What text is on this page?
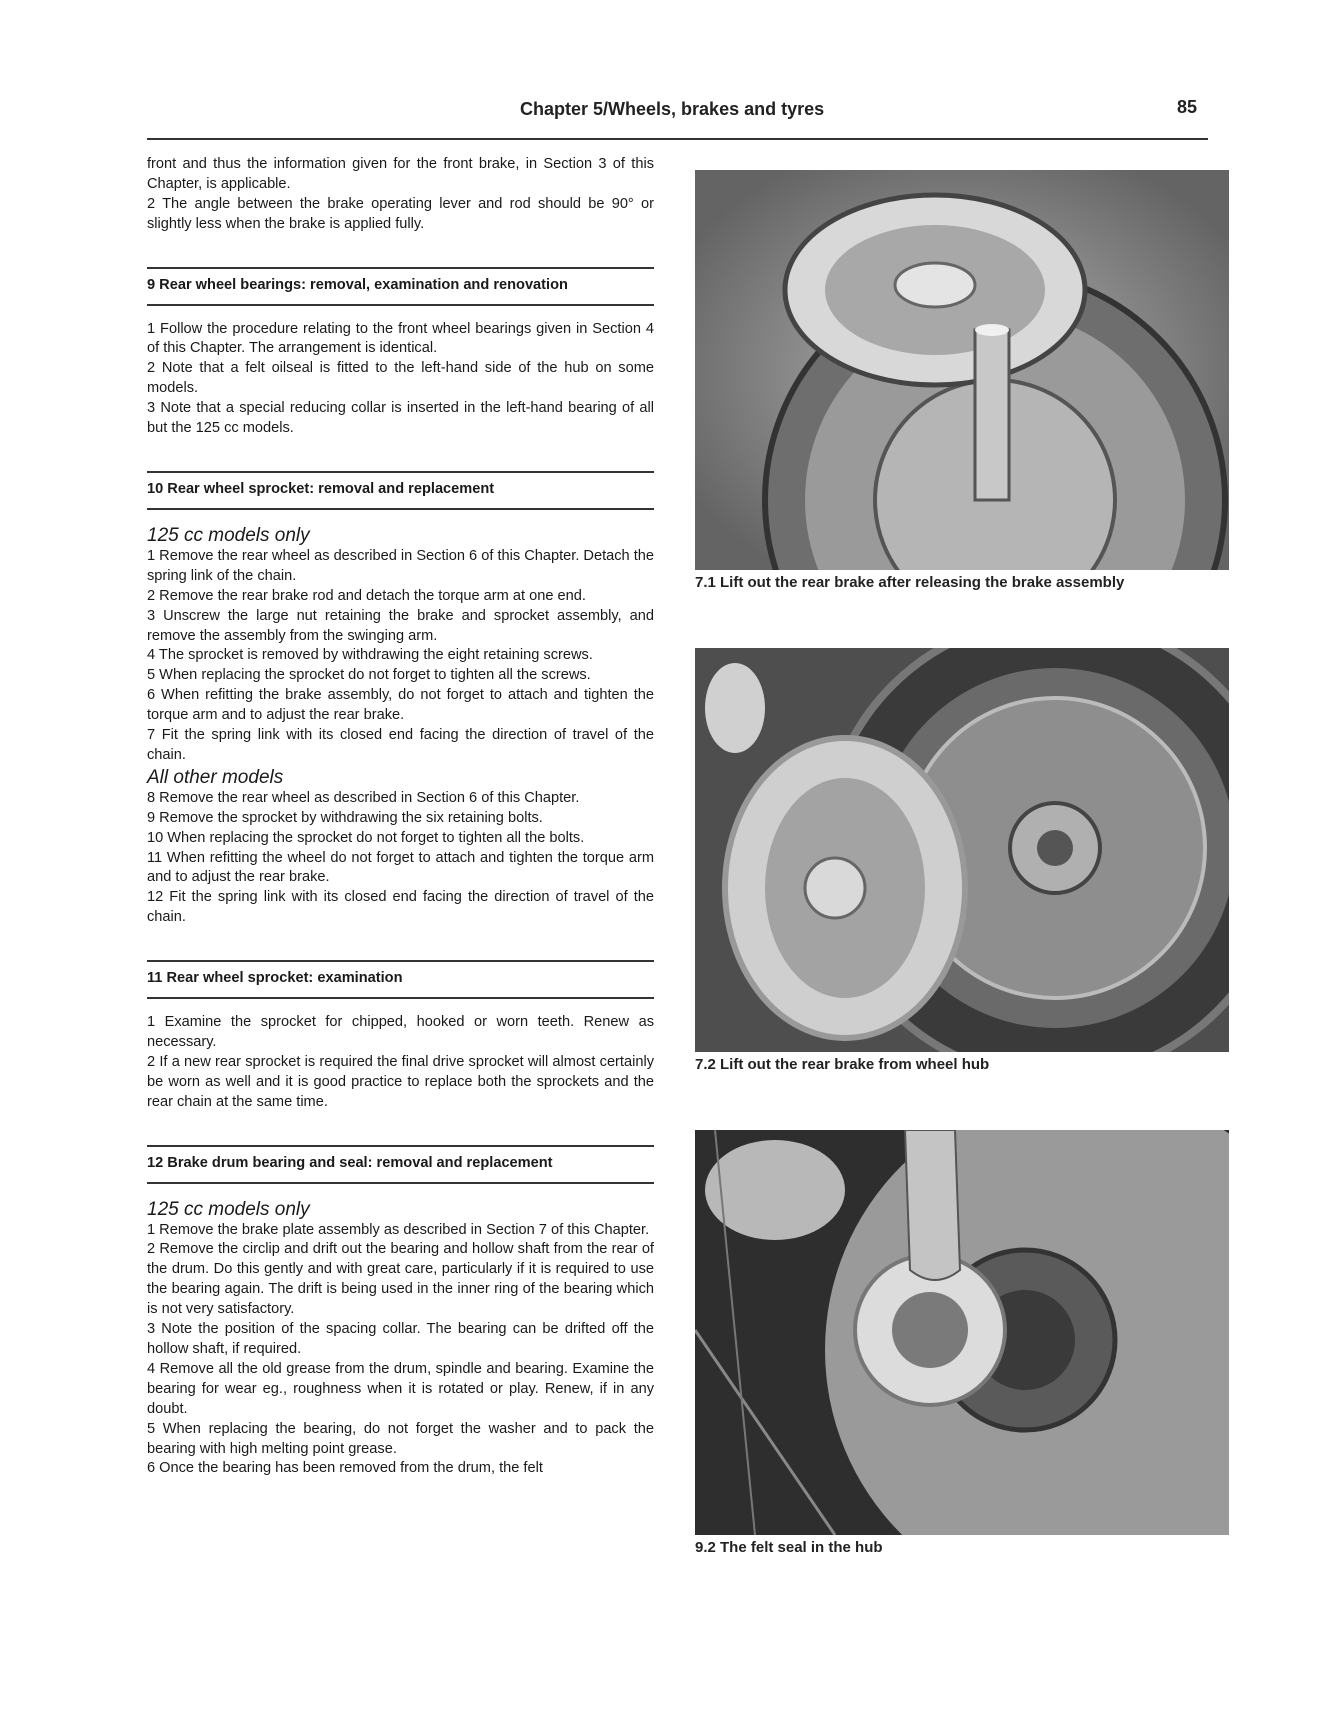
Chapter 5/Wheels, brakes and tyres	85

front and thus the information given for the front brake, in Section 3 of this Chapter, is applicable.

2 The angle between the brake operating lever and rod should be 90° or slightly less when the brake is applied fully.

9 Rear wheel bearings: removal, examination and renovation

1 Follow the procedure relating to the front wheel bearings given in Section 4 of this Chapter. The arrangement is identical.

2 Note that a felt oilseal is fitted to the left-hand side of the hub on some models.

3 Note that a special reducing collar is inserted in the left-hand bearing of all but the 125 cc models.

10 Rear wheel sprocket: removal and replacement

125 cc models only

1 Remove the rear wheel as described in Section 6 of this Chapter. Detach the spring link of the chain.

2 Remove the rear brake rod and detach the torque arm at one end.

3 Unscrew the large nut retaining the brake and sprocket assembly, and remove the assembly from the swinging arm.

4 The sprocket is removed by withdrawing the eight retaining screws.

5 When replacing the sprocket do not forget to tighten all the screws.

6 When refitting the brake assembly, do not forget to attach and tighten the torque arm and to adjust the rear brake.

7 Fit the spring link with its closed end facing the direction of travel of the chain.

All other models

8 Remove the rear wheel as described in Section 6 of this Chapter.

9 Remove the sprocket by withdrawing the six retaining bolts.

10 When replacing the sprocket do not forget to tighten all the bolts.

11 When refitting the wheel do not forget to attach and tighten the torque arm and to adjust the rear brake.

12 Fit the spring link with its closed end facing the direction of travel of the chain.

11 Rear wheel sprocket: examination

1 Examine the sprocket for chipped, hooked or worn teeth. Renew as necessary.

2 If a new rear sprocket is required the final drive sprocket will almost certainly be worn as well and it is good practice to replace both the sprockets and the rear chain at the same time.

12 Brake drum bearing and seal: removal and replacement

125 cc models only

1 Remove the brake plate assembly as described in Section 7 of this Chapter.

2 Remove the circlip and drift out the bearing and hollow shaft from the rear of the drum. Do this gently and with great care, particularly if it is required to use the bearing again. The drift is being used in the inner ring of the bearing which is not very satisfactory.

3 Note the position of the spacing collar. The bearing can be drifted off the hollow shaft, if required.

4 Remove all the old grease from the drum, spindle and bearing. Examine the bearing for wear eg., roughness when it is rotated or play. Renew, if in any doubt.

5 When replacing the bearing, do not forget the washer and to pack the bearing with high melting point grease.

6 Once the bearing has been removed from the drum, the felt

7.1 Lift out the rear brake after releasing the brake assembly
7.2 Lift out the rear brake from wheel hub
9.2 The felt seal in the hub
